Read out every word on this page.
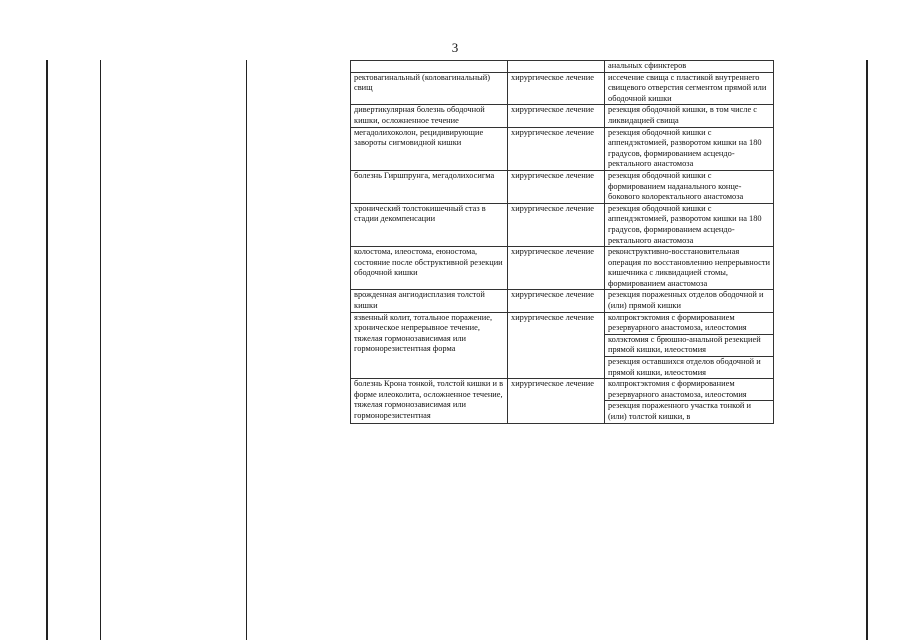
3
		анальных сфинктеров
ректовагинальный (коловагинальный) свищ	хирургическое лечение	иссечение свища с пластикой внутреннего свищевого отверстия сегментом прямой или ободочной кишки
дивертикулярная болезнь ободочной кишки, осложненное течение	хирургическое лечение	резекция ободочной кишки, в том числе с ликвидацией свища
мегадолихоколон, рецидивирующие завороты сигмовидной кишки	хирургическое лечение	резекция ободочной кишки с аппендэктомией, разворотом кишки на 180 градусов, формированием асцендо-ректального анастомоза
болезнь Гиршпрунга, мегадолихосигма	хирургическое лечение	резекция ободочной кишки с формированием наданального конце-бокового колоректального анастомоза
хронический толстокишечный стаз в стадии декомпенсации	хирургическое лечение	резекция ободочной кишки с аппендэктомией, разворотом кишки на 180 градусов, формированием асцендо-ректального анастомоза
колостома, илеостома, еюностома, состояние после обструктивной резекции ободочной кишки	хирургическое лечение	реконструктивно-восстановительная операция по восстановлению непрерывности кишечника с ликвидацией стомы, формированием анастомоза
врожденная ангиодисплазия толстой кишки	хирургическое лечение	резекция пораженных отделов ободочной и (или) прямой кишки
язвенный колит, тотальное поражение, хроническое непрерывное течение, тяжелая гормонозависимая или гормонорезистентная форма	хирургическое лечение	колпроктэктомия с формированием резервуарного анастомоза, илеостомия
		колэктомия с брюшно-анальной резекцией прямой кишки, илеостомия
		резекция оставшихся отделов ободочной и прямой кишки, илеостомия
болезнь Крона тонкой, толстой кишки и в форме илеоколита, осложненное течение, тяжелая гормонозависимая или гормонорезистентная	хирургическое лечение	колпроктэктомия с формированием резервуарного анастомоза, илеостомия
		резекция пораженного участка тонкой и (или) толстой кишки, в
